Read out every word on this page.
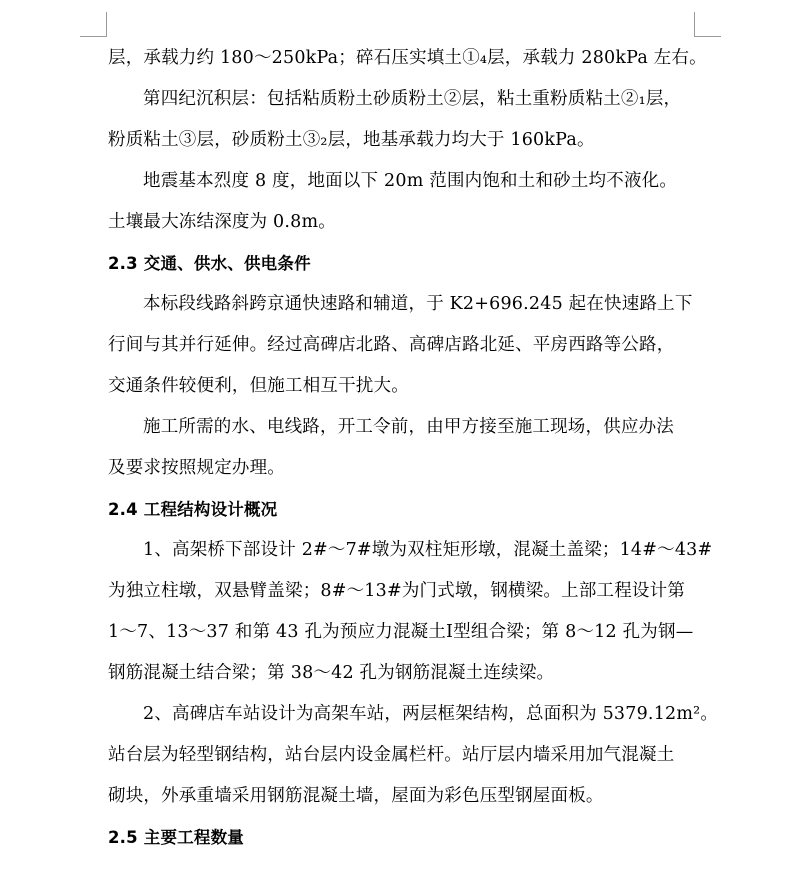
层，承载力约 180～250kPa；碎石压实填土①₄层，承载力 280kPa 左右。
第四纪沉积层：包括粘质粉土砂质粉土②层，粘土重粉质粘土②₁层，
粉质粘土③层，砂质粉土③₂层，地基承载力均大于 160kPa。
地震基本烈度 8 度，地面以下 20m 范围内饱和土和砂土均不液化。
土壤最大冻结深度为 0.8m。
2.3 交通、供水、供电条件
本标段线路斜跨京通快速路和辅道，于 K2+696.245 起在快速路上下
行间与其并行延伸。经过高碑店北路、高碑店路北延、平房西路等公路，
交通条件较便利，但施工相互干扰大。
施工所需的水、电线路，开工令前，由甲方接至施工现场，供应办法
及要求按照规定办理。
2.4 工程结构设计概况
1、高架桥下部设计 2#～7#墩为双柱矩形墩，混凝土盖梁；14#～43#
为独立柱墩，双悬臂盖梁；8#～13#为门式墩，钢横梁。上部工程设计第
1～7、13～37 和第 43 孔为预应力混凝土Ⅰ型组合梁；第 8～12 孔为钢—
钢筋混凝土结合梁；第 38～42 孔为钢筋混凝土连续梁。
2、高碑店车站设计为高架车站，两层框架结构，总面积为 5379.12m²。
站台层为轻型钢结构，站台层内设金属栏杆。站厅层内墙采用加气混凝土
砌块，外承重墙采用钢筋混凝土墙，屋面为彩色压型钢屋面板。
2.5 主要工程数量
